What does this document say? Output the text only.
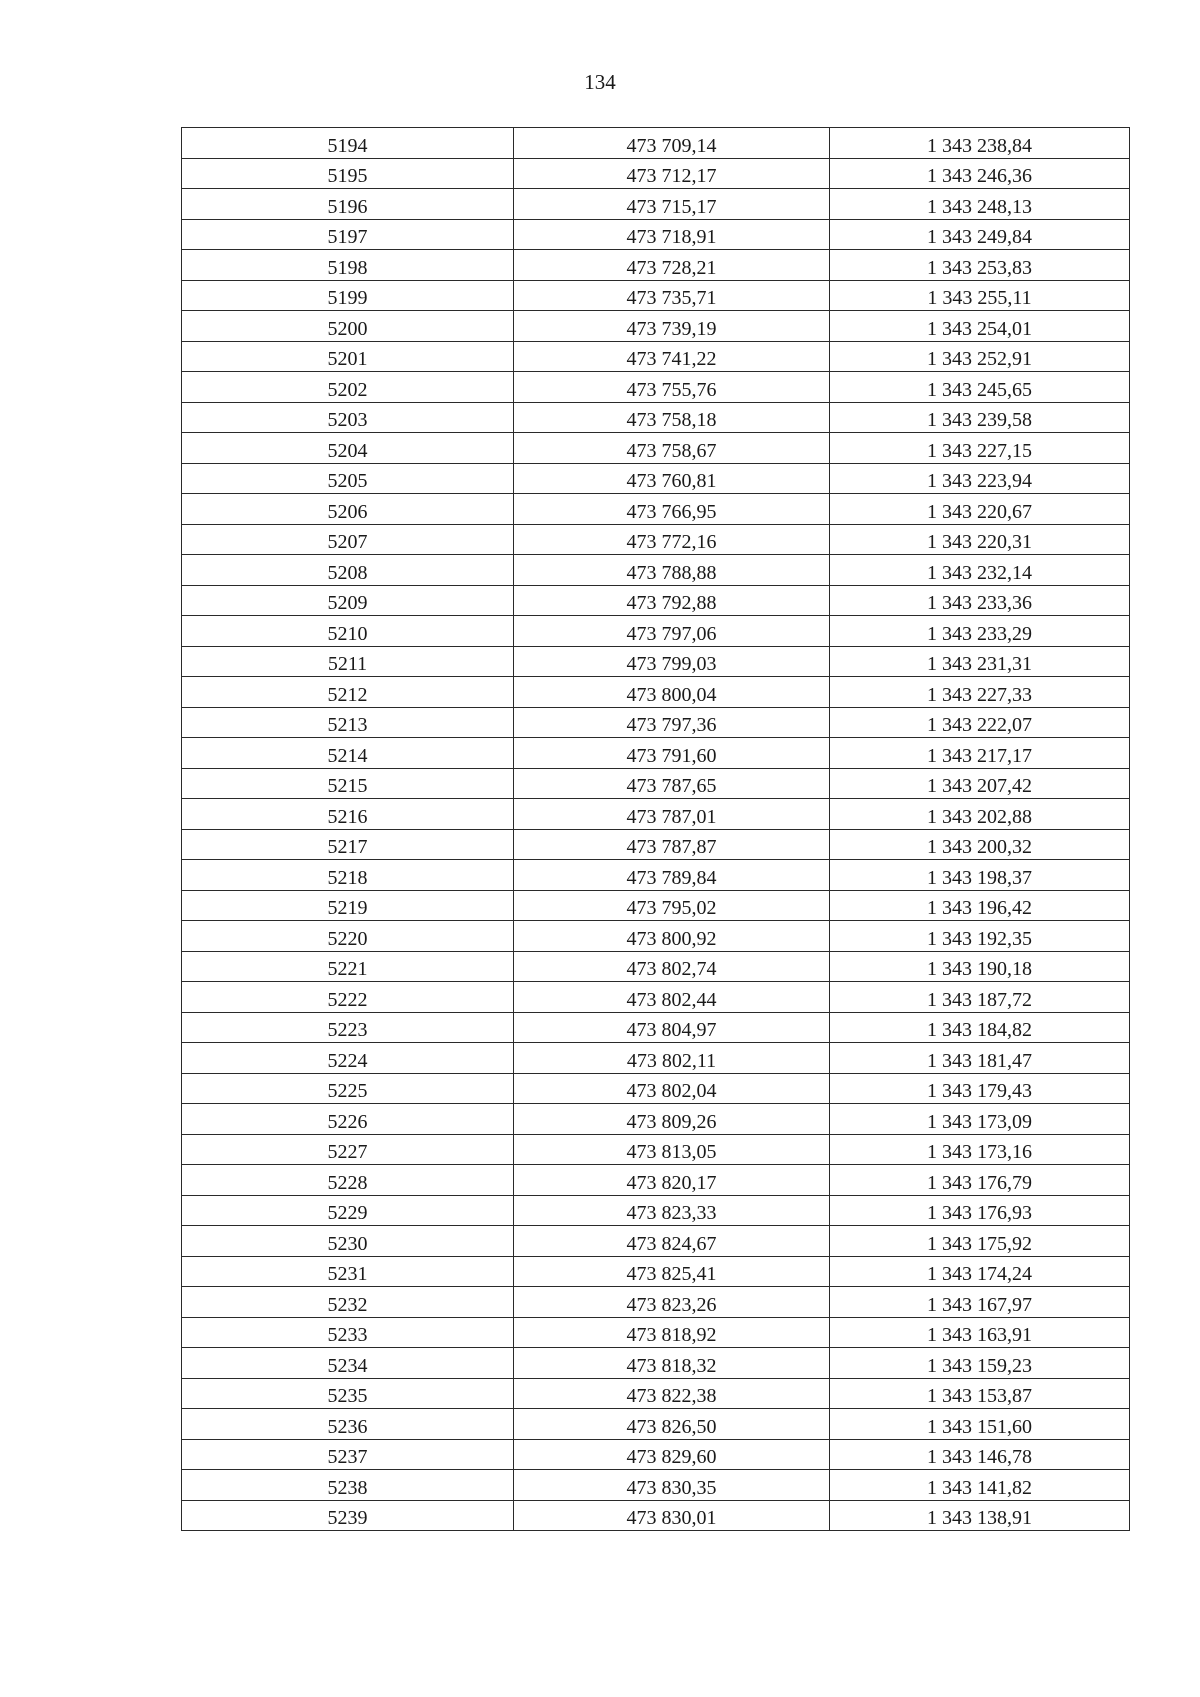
134
5194	473 709,14	1 343 238,84
5195	473 712,17	1 343 246,36
5196	473 715,17	1 343 248,13
5197	473 718,91	1 343 249,84
5198	473 728,21	1 343 253,83
5199	473 735,71	1 343 255,11
5200	473 739,19	1 343 254,01
5201	473 741,22	1 343 252,91
5202	473 755,76	1 343 245,65
5203	473 758,18	1 343 239,58
5204	473 758,67	1 343 227,15
5205	473 760,81	1 343 223,94
5206	473 766,95	1 343 220,67
5207	473 772,16	1 343 220,31
5208	473 788,88	1 343 232,14
5209	473 792,88	1 343 233,36
5210	473 797,06	1 343 233,29
5211	473 799,03	1 343 231,31
5212	473 800,04	1 343 227,33
5213	473 797,36	1 343 222,07
5214	473 791,60	1 343 217,17
5215	473 787,65	1 343 207,42
5216	473 787,01	1 343 202,88
5217	473 787,87	1 343 200,32
5218	473 789,84	1 343 198,37
5219	473 795,02	1 343 196,42
5220	473 800,92	1 343 192,35
5221	473 802,74	1 343 190,18
5222	473 802,44	1 343 187,72
5223	473 804,97	1 343 184,82
5224	473 802,11	1 343 181,47
5225	473 802,04	1 343 179,43
5226	473 809,26	1 343 173,09
5227	473 813,05	1 343 173,16
5228	473 820,17	1 343 176,79
5229	473 823,33	1 343 176,93
5230	473 824,67	1 343 175,92
5231	473 825,41	1 343 174,24
5232	473 823,26	1 343 167,97
5233	473 818,92	1 343 163,91
5234	473 818,32	1 343 159,23
5235	473 822,38	1 343 153,87
5236	473 826,50	1 343 151,60
5237	473 829,60	1 343 146,78
5238	473 830,35	1 343 141,82
5239	473 830,01	1 343 138,91
